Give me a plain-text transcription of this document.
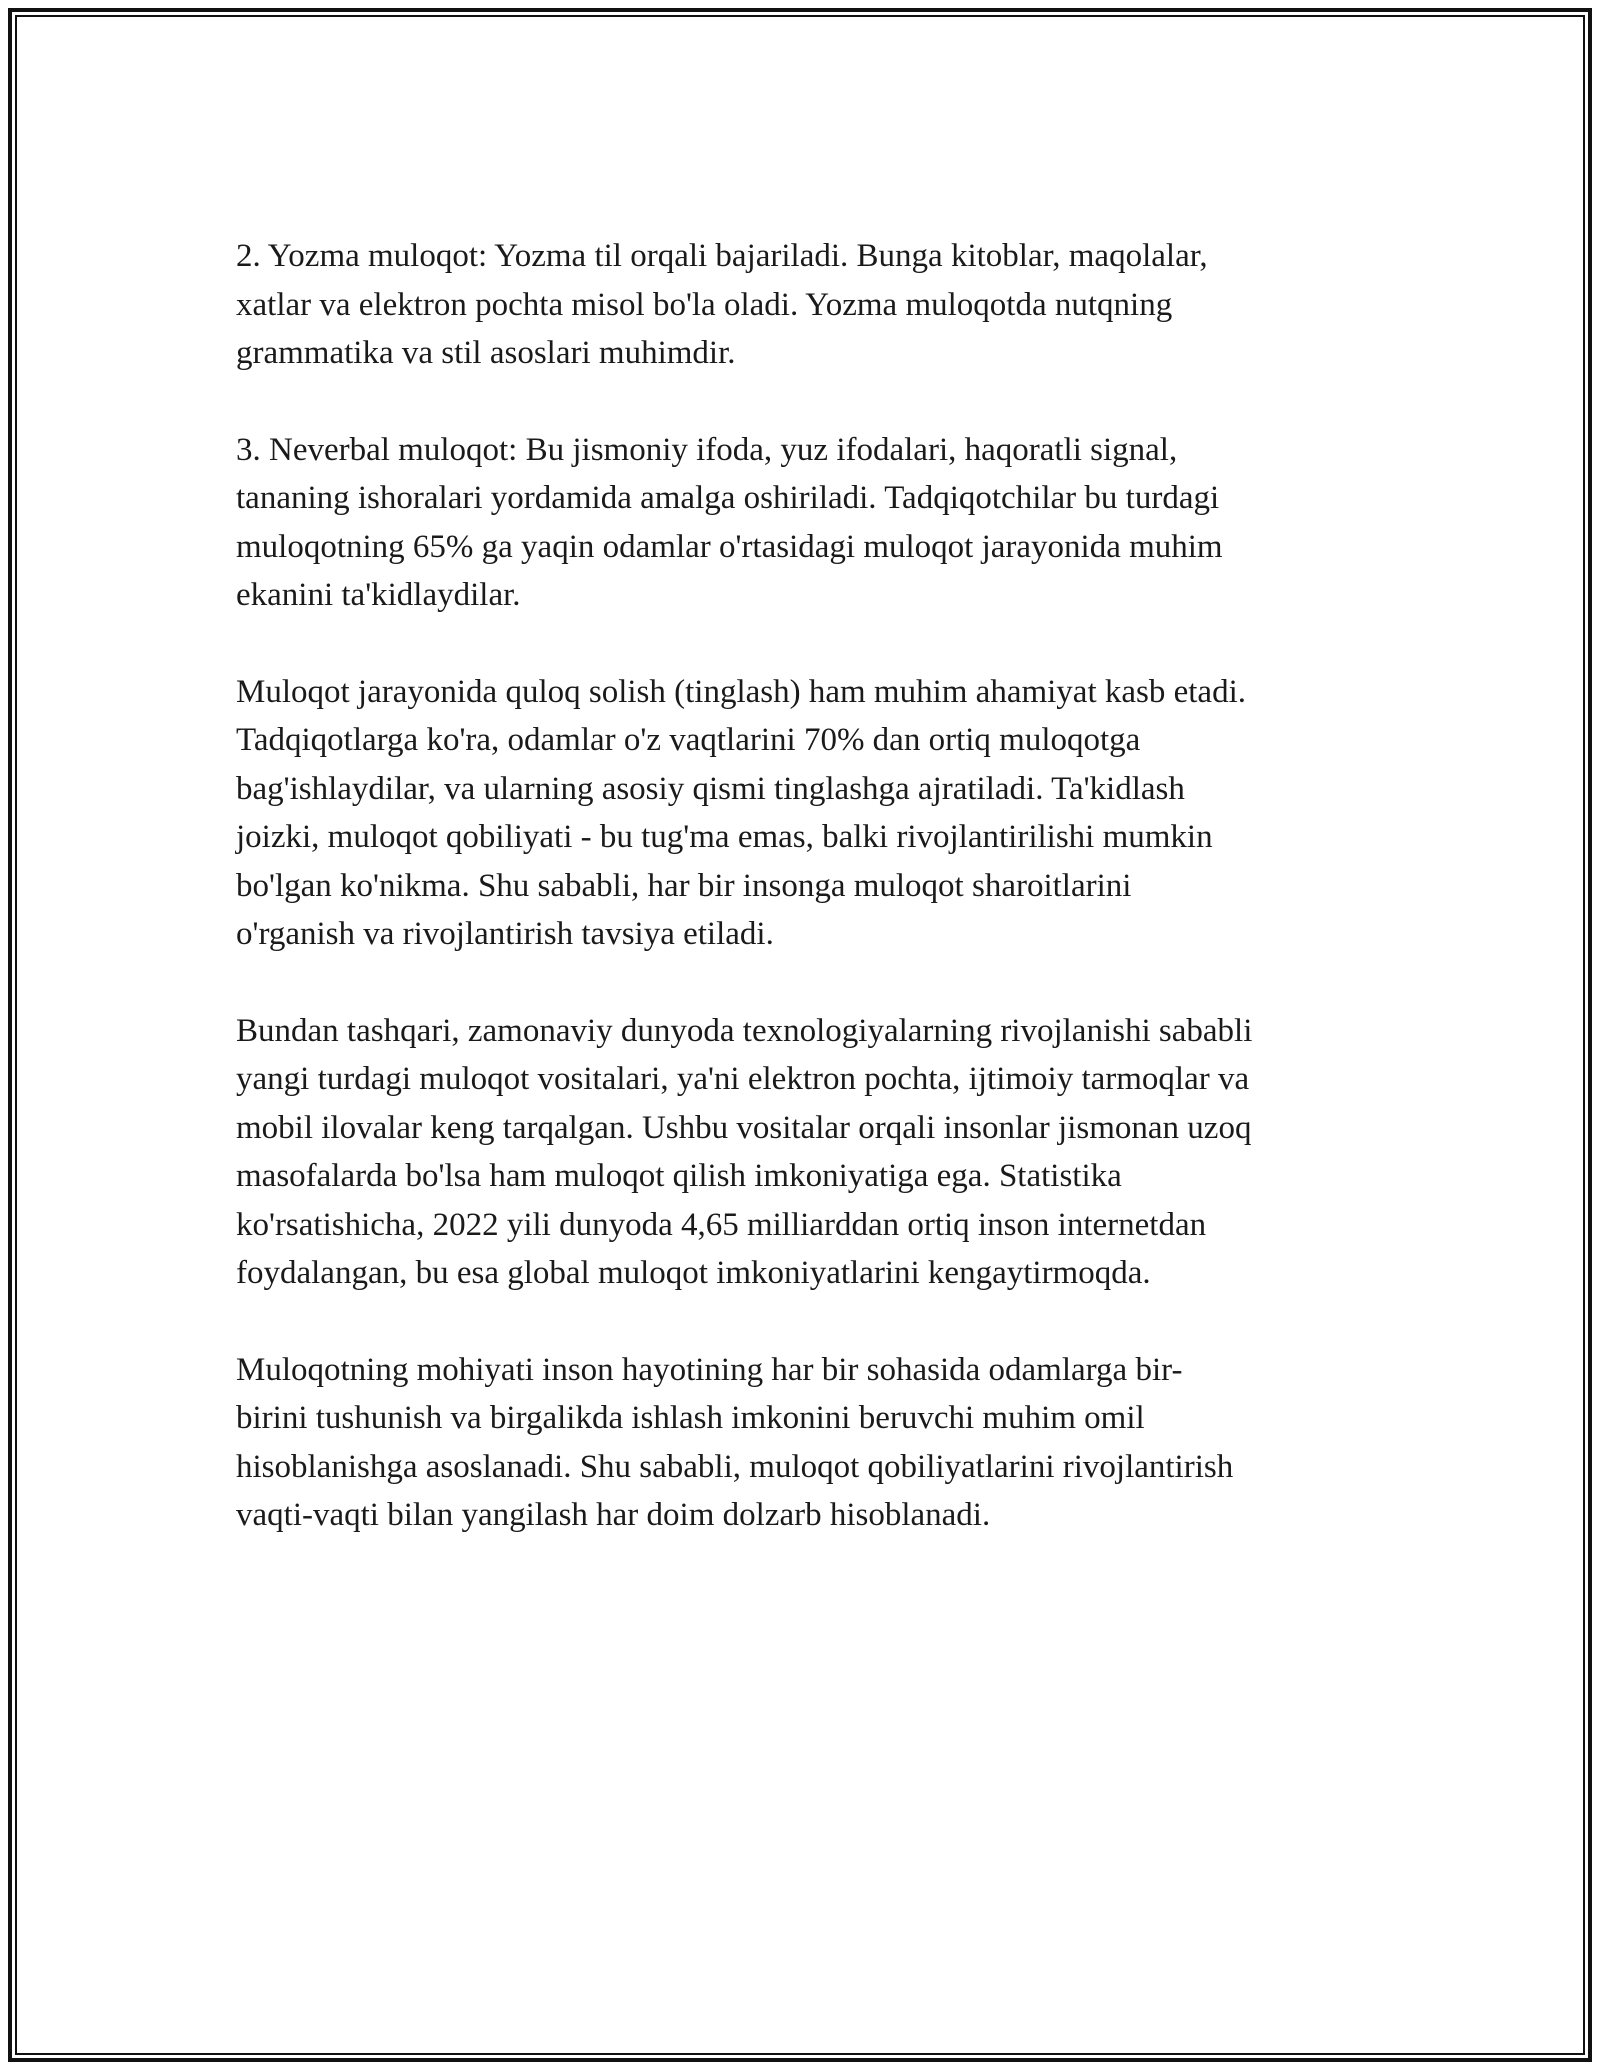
2. Yozma muloqot: Yozma til orqali bajariladi. Bunga kitoblar, maqolalar,
xatlar va elektron pochta misol bo'la oladi. Yozma muloqotda nutqning
grammatika va stil asoslari muhimdir.

3. Neverbal muloqot: Bu jismoniy ifoda, yuz ifodalari, haqoratli signal,
tananing ishoralari yordamida amalga oshiriladi. Tadqiqotchilar bu turdagi
muloqotning 65% ga yaqin odamlar o'rtasidagi muloqot jarayonida muhim
ekanini ta'kidlaydilar.

Muloqot jarayonida quloq solish (tinglash) ham muhim ahamiyat kasb etadi.
Tadqiqotlarga ko'ra, odamlar o'z vaqtlarini 70% dan ortiq muloqotga
bag'ishlaydilar, va ularning asosiy qismi tinglashga ajratiladi. Ta'kidlash
joizki, muloqot qobiliyati - bu tug'ma emas, balki rivojlantirilishi mumkin
bo'lgan ko'nikma. Shu sababli, har bir insonga muloqot sharoitlarini
o'rganish va rivojlantirish tavsiya etiladi.

Bundan tashqari, zamonaviy dunyoda texnologiyalarning rivojlanishi sababli
yangi turdagi muloqot vositalari, ya'ni elektron pochta, ijtimoiy tarmoqlar va
mobil ilovalar keng tarqalgan. Ushbu vositalar orqali insonlar jismonan uzoq
masofalarda bo'lsa ham muloqot qilish imkoniyatiga ega. Statistika
ko'rsatishicha, 2022 yili dunyoda 4,65 milliarddan ortiq inson internetdan
foydalangan, bu esa global muloqot imkoniyatlarini kengaytirmoqda.

Muloqotning mohiyati inson hayotining har bir sohasida odamlarga bir-
birini tushunish va birgalikda ishlash imkonini beruvchi muhim omil
hisoblanishga asoslanadi. Shu sababli, muloqot qobiliyatlarini rivojlantirish
vaqti-vaqti bilan yangilash har doim dolzarb hisoblanadi.
